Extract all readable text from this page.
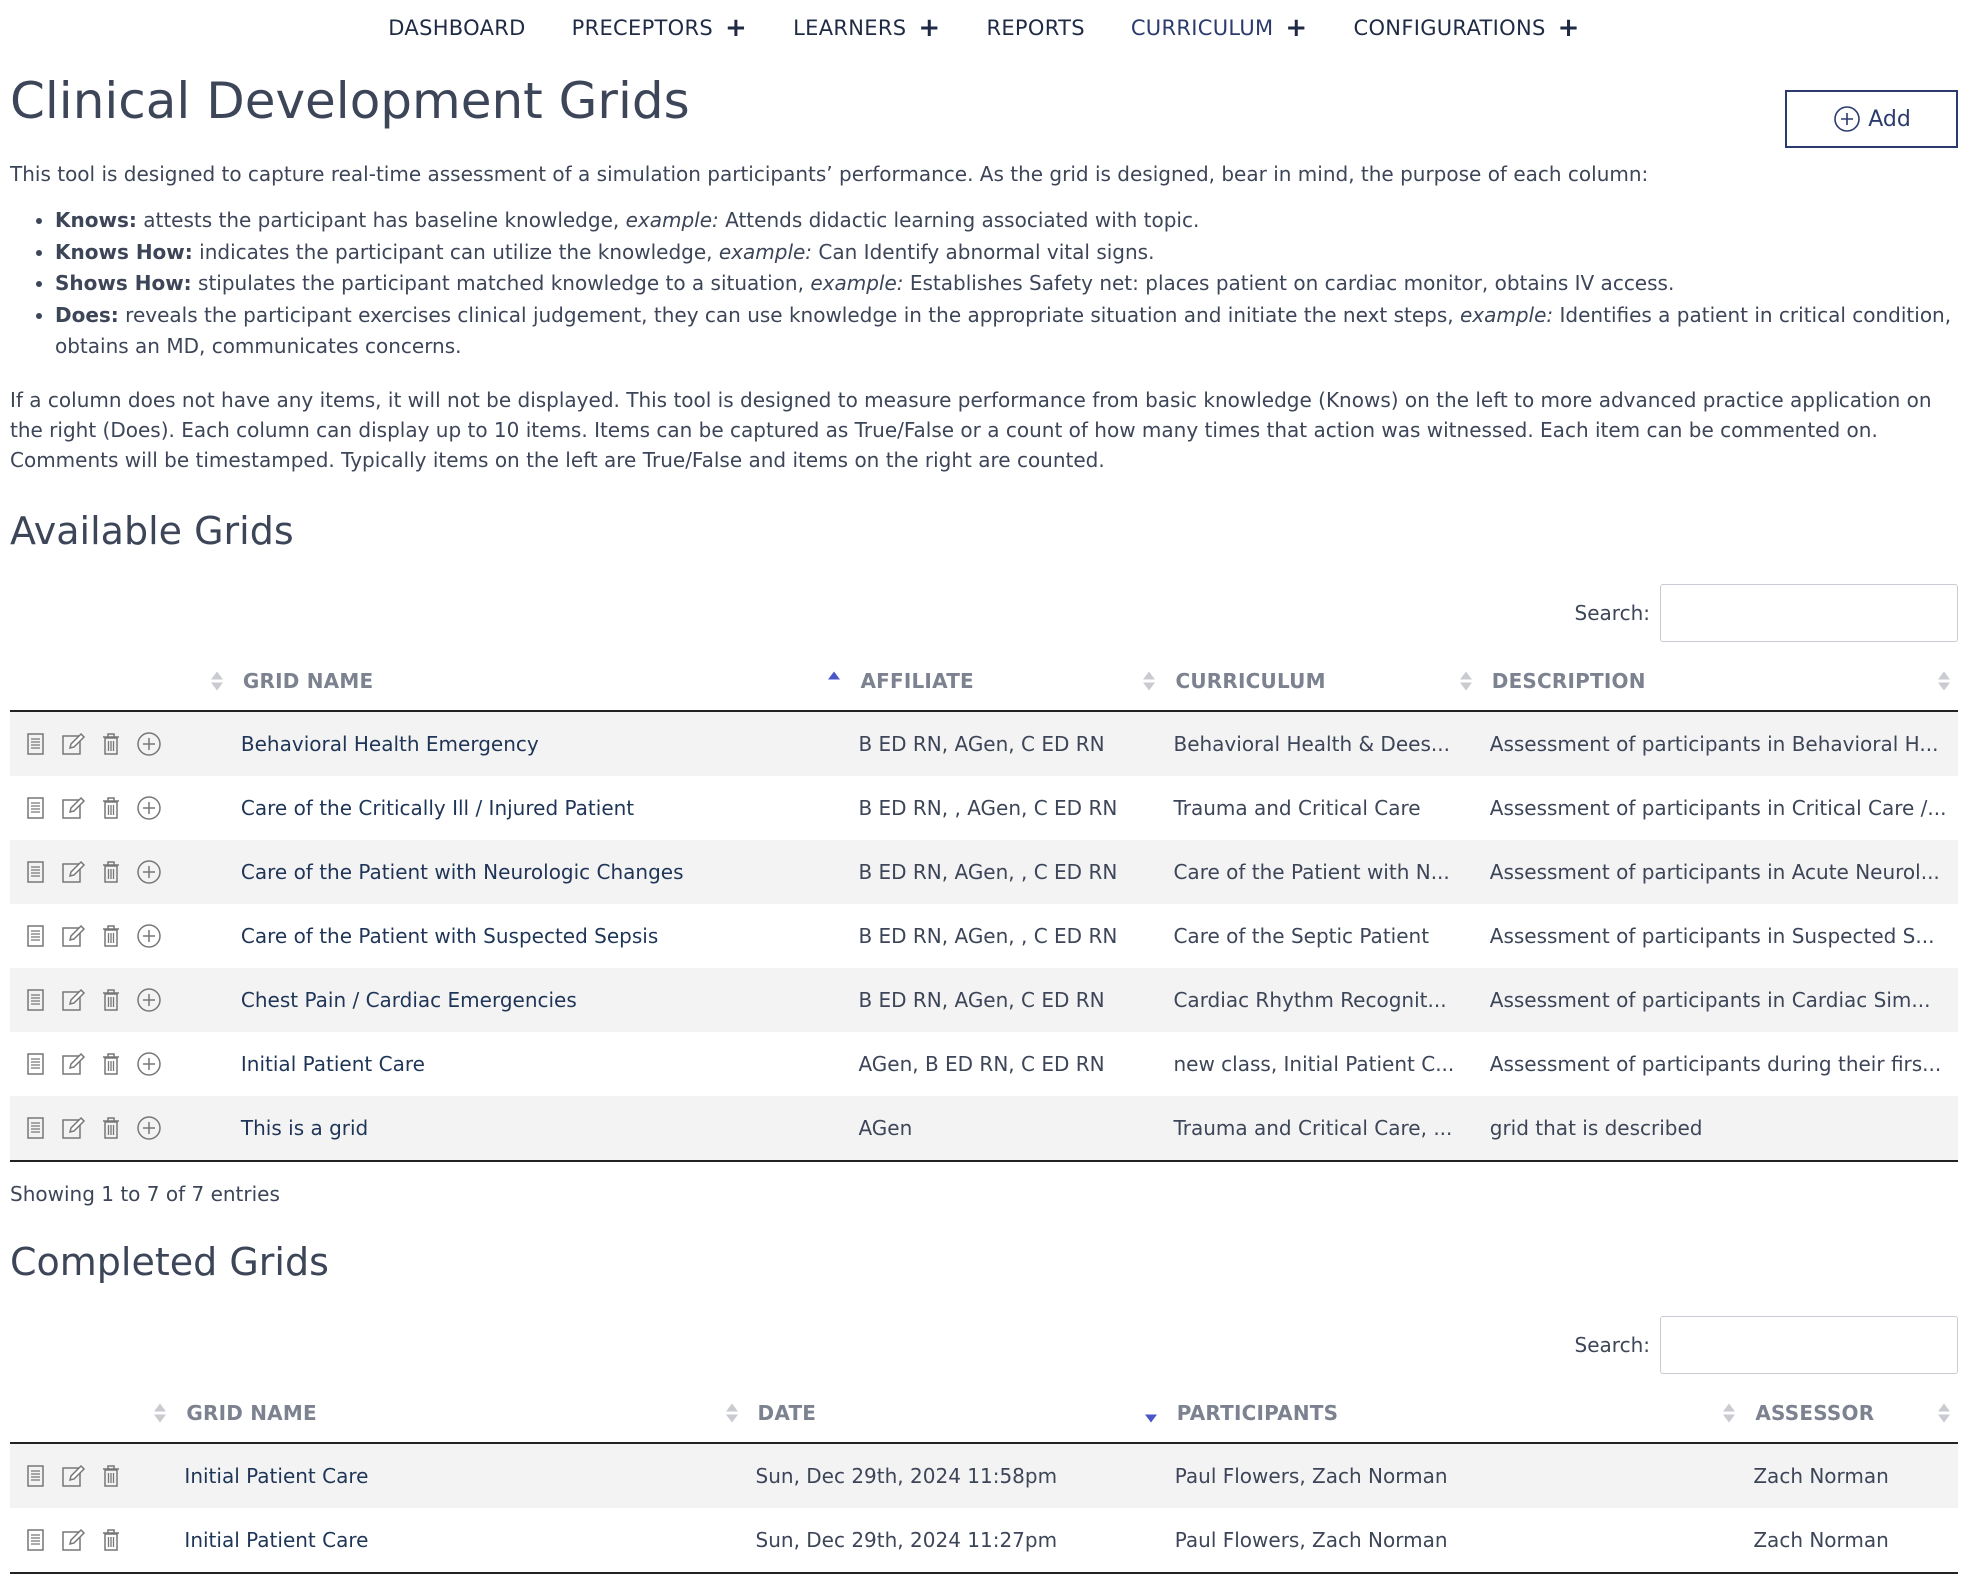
DASHBOARD PRECEPTORS + LEARNERS + REPORTS CURRICULUM + CONFIGURATIONS +
Clinical Development Grids	Add

This tool is designed to capture real-time assessment of a simulation participants’ performance. As the grid is designed, bear in mind, the purpose of each column:

• Knows: attests the participant has baseline knowledge, example: Attends didactic learning associated with topic.
• Knows How: indicates the participant can utilize the knowledge, example: Can Identify abnormal vital signs.
• Shows How: stipulates the participant matched knowledge to a situation, example: Establishes Safety net: places patient on cardiac monitor, obtains IV access.
• Does: reveals the participant exercises clinical judgement, they can use knowledge in the appropriate situation and initiate the next steps, example: Identifies a patient in critical condition, obtains an MD, communicates concerns.

If a column does not have any items, it will not be displayed. This tool is designed to measure performance from basic knowledge (Knows) on the left to more advanced practice application on the right (Does). Each column can display up to 10 items. Items can be captured as True/False or a count of how many times that action was witnessed. Each item can be commented on. Comments will be timestamped. Typically items on the left are True/False and items on the right are counted.

Available Grids
Search:
	GRID NAME	AFFILIATE	CURRICULUM	DESCRIPTION

	Behavioral Health Emergency	B ED RN, AGen, C ED RN	Behavioral Health & Dees...	Assessment of participants in Behavioral H...

	Care of the Critically Ill / Injured Patient	B ED RN, , AGen, C ED RN	Trauma and Critical Care	Assessment of participants in Critical Care /...

	Care of the Patient with Neurologic Changes	B ED RN, AGen, , C ED RN	Care of the Patient with N...	Assessment of participants in Acute Neurol...

	Care of the Patient with Suspected Sepsis	B ED RN, AGen, , C ED RN	Care of the Septic Patient	Assessment of participants in Suspected S...

	Chest Pain / Cardiac Emergencies	B ED RN, AGen, C ED RN	Cardiac Rhythm Recognit...	Assessment of participants in Cardiac Sim...

	Initial Patient Care	AGen, B ED RN, C ED RN	new class, Initial Patient C...	Assessment of participants during their firs...

	This is a grid	AGen	Trauma and Critical Care, ...	grid that is described
Showing 1 to 7 of 7 entries
Completed Grids
Search:
	GRID NAME	DATE	PARTICIPANTS	ASSESSOR

	Initial Patient Care	Sun, Dec 29th, 2024 11:58pm	Paul Flowers, Zach Norman	Zach Norman

	Initial Patient Care	Sun, Dec 29th, 2024 11:27pm	Paul Flowers, Zach Norman	Zach Norman
